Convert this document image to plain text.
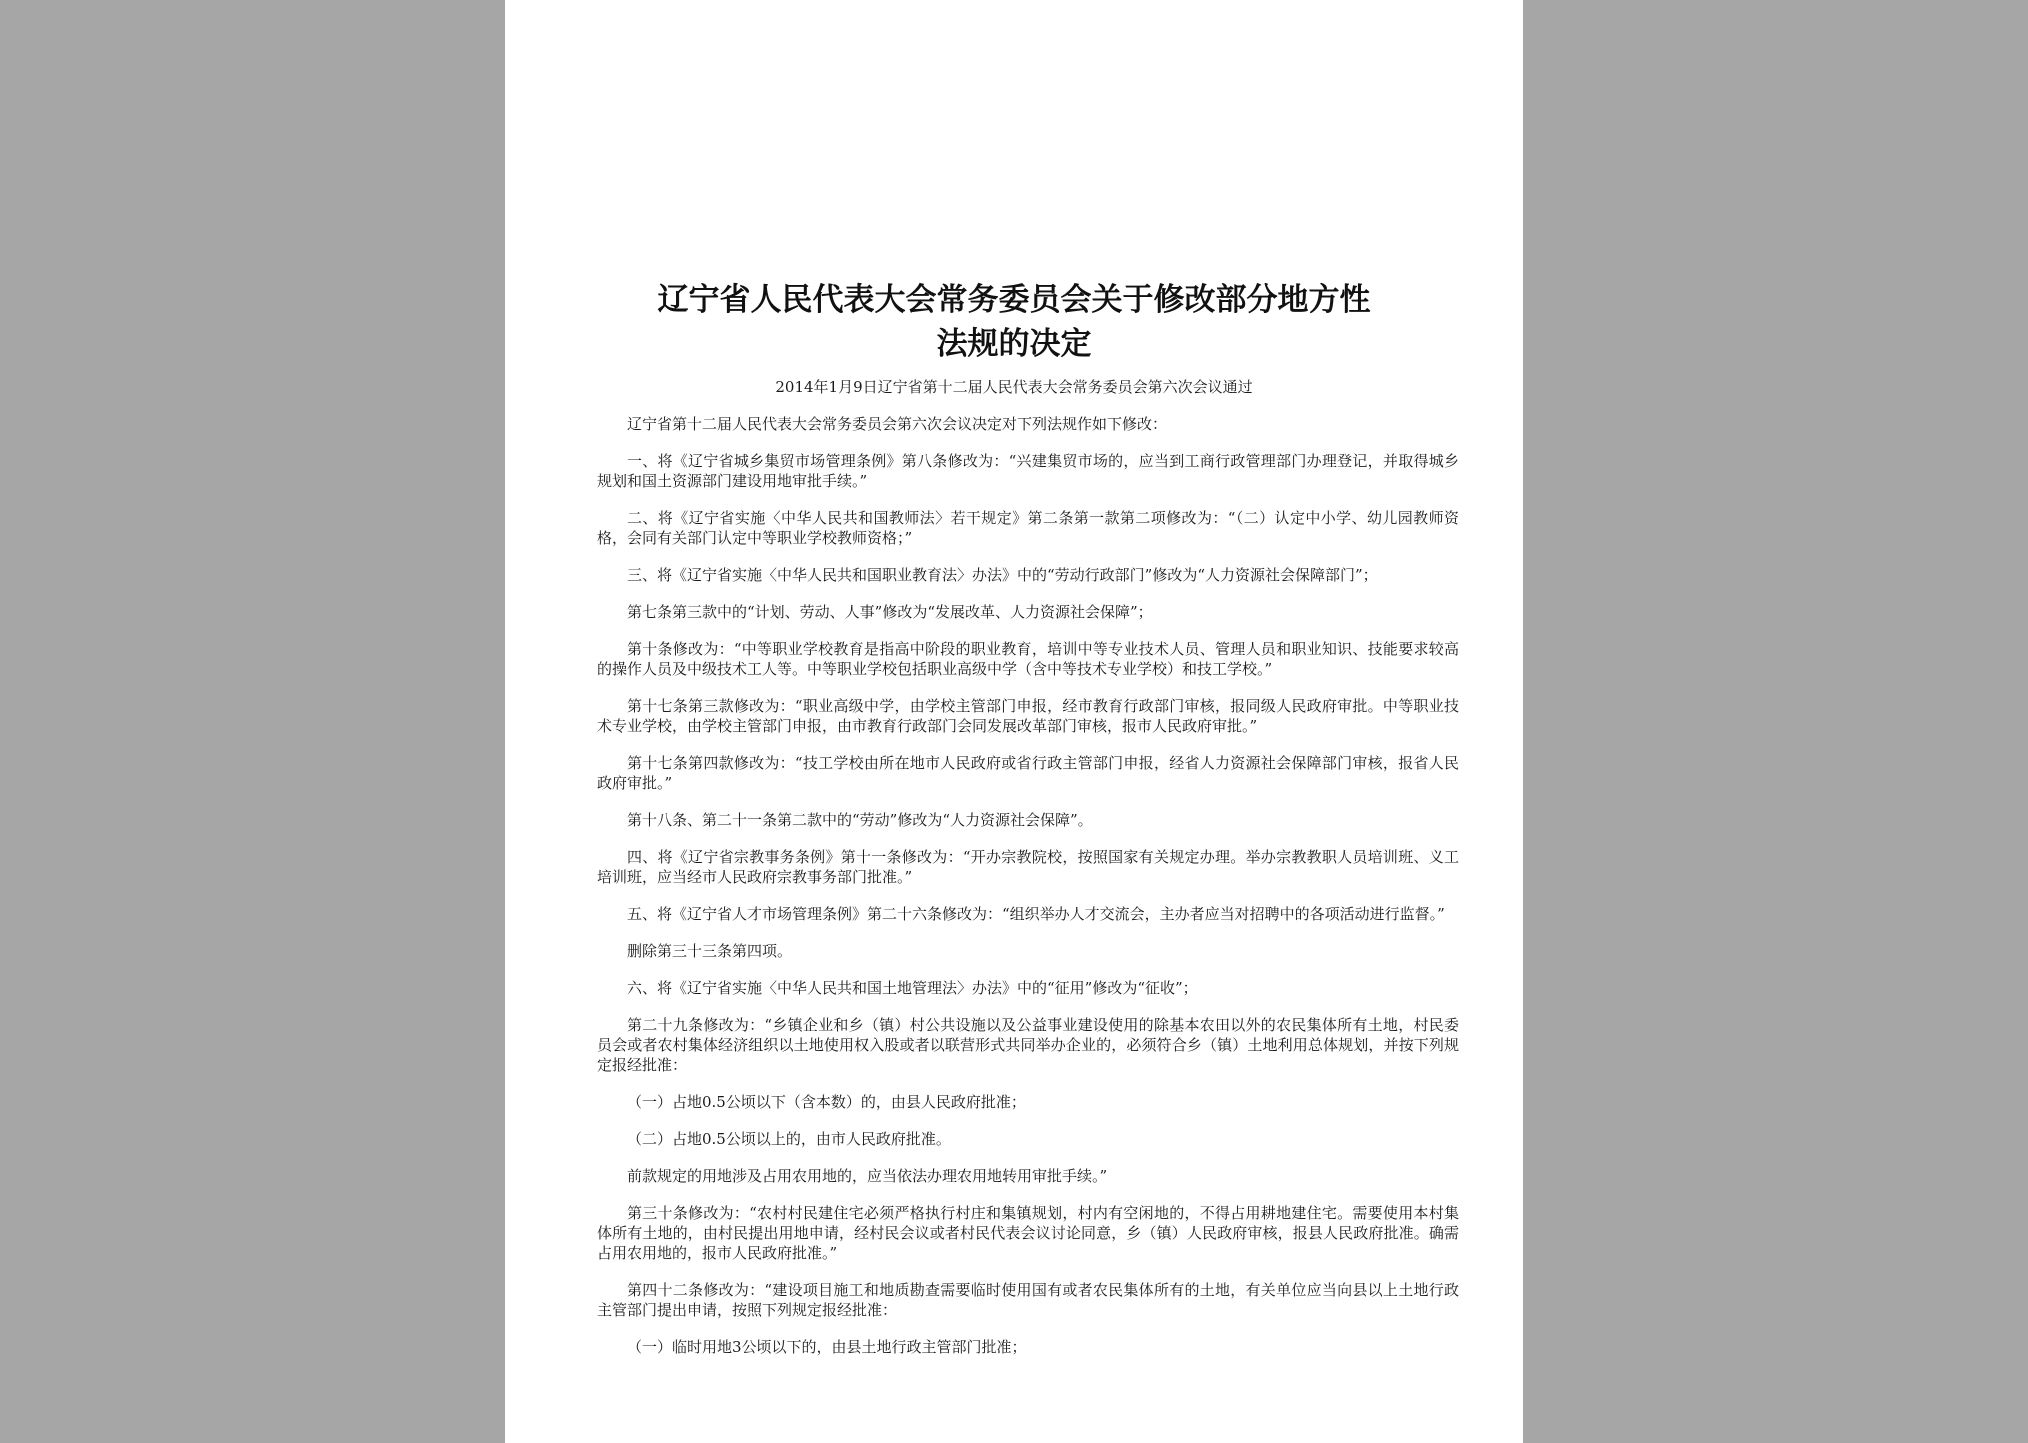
辽宁省人民代表大会常务委员会关于修改部分地方性
法规的决定
2014年1月9日辽宁省第十二届人民代表大会常务委员会第六次会议通过

辽宁省第十二届人民代表大会常务委员会第六次会议决定对下列法规作如下修改：

一、将《辽宁省城乡集贸市场管理条例》第八条修改为：“兴建集贸市场的，应当到工商行政管理部门办理登记，并取得城乡规划和国土资源部门建设用地审批手续。”

二、将《辽宁省实施〈中华人民共和国教师法〉若干规定》第二条第一款第二项修改为：“（二）认定中小学、幼儿园教师资格，会同有关部门认定中等职业学校教师资格；”

三、将《辽宁省实施〈中华人民共和国职业教育法〉办法》中的“劳动行政部门”修改为“人力资源社会保障部门”；

第七条第三款中的“计划、劳动、人事”修改为“发展改革、人力资源社会保障”；

第十条修改为：“中等职业学校教育是指高中阶段的职业教育，培训中等专业技术人员、管理人员和职业知识、技能要求较高的操作人员及中级技术工人等。中等职业学校包括职业高级中学（含中等技术专业学校）和技工学校。”

第十七条第三款修改为：“职业高级中学，由学校主管部门申报，经市教育行政部门审核，报同级人民政府审批。中等职业技术专业学校，由学校主管部门申报，由市教育行政部门会同发展改革部门审核，报市人民政府审批。”

第十七条第四款修改为：“技工学校由所在地市人民政府或省行政主管部门申报，经省人力资源社会保障部门审核，报省人民政府审批。”

第十八条、第二十一条第二款中的“劳动”修改为“人力资源社会保障”。

四、将《辽宁省宗教事务条例》第十一条修改为：“开办宗教院校，按照国家有关规定办理。举办宗教教职人员培训班、义工培训班，应当经市人民政府宗教事务部门批准。”

五、将《辽宁省人才市场管理条例》第二十六条修改为：“组织举办人才交流会，主办者应当对招聘中的各项活动进行监督。”

删除第三十三条第四项。

六、将《辽宁省实施〈中华人民共和国土地管理法〉办法》中的“征用”修改为“征收”；

第二十九条修改为：“乡镇企业和乡（镇）村公共设施以及公益事业建设使用的除基本农田以外的农民集体所有土地，村民委员会或者农村集体经济组织以土地使用权入股或者以联营形式共同举办企业的，必须符合乡（镇）土地利用总体规划，并按下列规定报经批准：

（一）占地0.5公顷以下（含本数）的，由县人民政府批准；

（二）占地0.5公顷以上的，由市人民政府批准。

前款规定的用地涉及占用农用地的，应当依法办理农用地转用审批手续。”

第三十条修改为：“农村村民建住宅必须严格执行村庄和集镇规划，村内有空闲地的，不得占用耕地建住宅。需要使用本村集体所有土地的，由村民提出用地申请，经村民会议或者村民代表会议讨论同意，乡（镇）人民政府审核，报县人民政府批准。确需占用农用地的，报市人民政府批准。”

第四十二条修改为：“建设项目施工和地质勘查需要临时使用国有或者农民集体所有的土地，有关单位应当向县以上土地行政主管部门提出申请，按照下列规定报经批准：

（一）临时用地3公顷以下的，由县土地行政主管部门批准；
